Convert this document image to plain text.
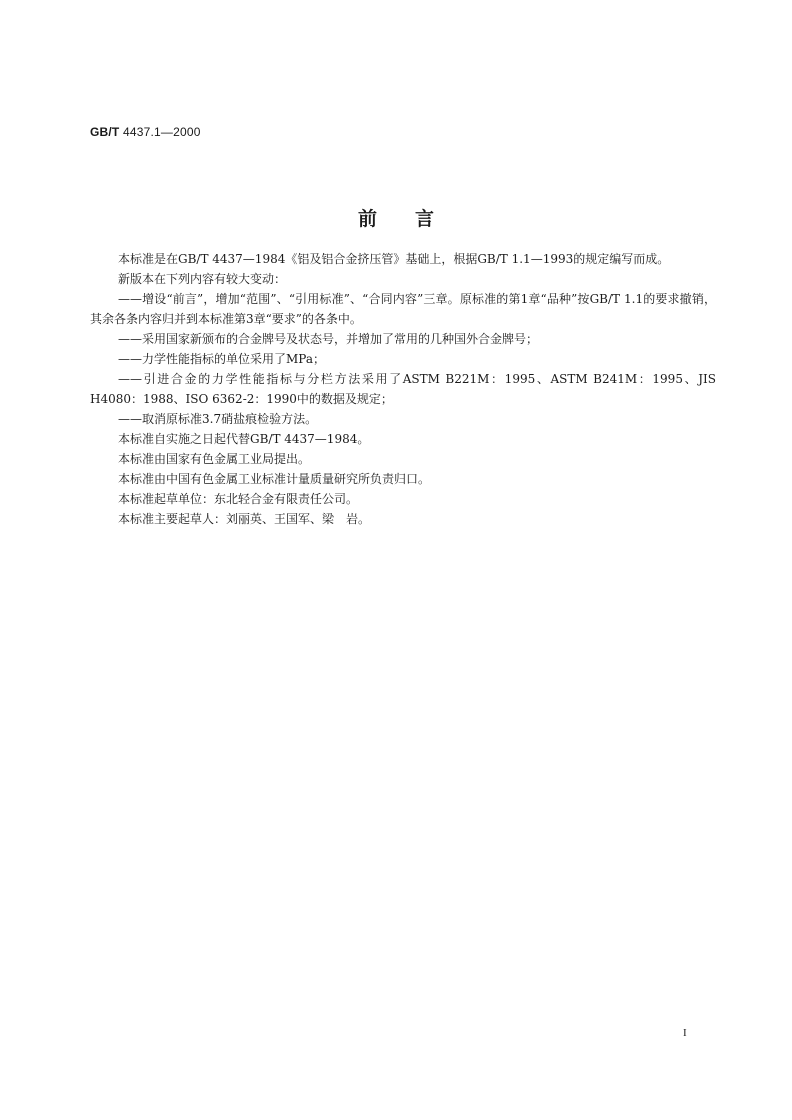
GB/T 4437.1—2000
前言

本标准是在GB/T 4437—1984《铝及铝合金挤压管》基础上，根据GB/T 1.1—1993的规定编写而成。

新版本在下列内容有较大变动：

——增设“前言”，增加“范围”、“引用标准”、“合同内容”三章。原标准的第1章“品种”按GB/T 1.1的要求撤销，其余各条内容归并到本标准第3章“要求”的各条中。

——采用国家新颁布的合金牌号及状态号，并增加了常用的几种国外合金牌号；

——力学性能指标的单位采用了MPa；

——引进合金的力学性能指标与分栏方法采用了ASTM B221M：1995、ASTM B241M：1995、JIS H4080：1988、ISO 6362-2：1990中的数据及规定；

——取消原标准3.7硝盐痕检验方法。

本标准自实施之日起代替GB/T 4437—1984。

本标准由国家有色金属工业局提出。

本标准由中国有色金属工业标准计量质量研究所负责归口。

本标准起草单位：东北轻合金有限责任公司。

本标准主要起草人：刘丽英、王国军、梁　岩。

I
